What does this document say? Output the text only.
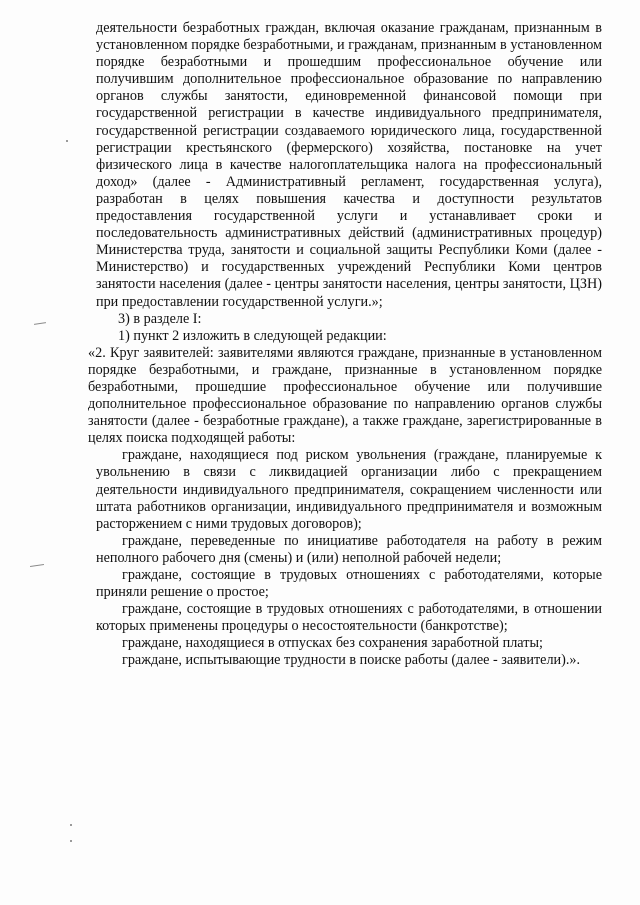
деятельности безработных граждан, включая оказание гражданам, признанным в установленном порядке безработными, и гражданам, признанным в установленном порядке безработными и прошедшим профессиональное обучение или получившим дополнительное профессиональное образование по направлению органов службы занятости, единовременной финансовой помощи при государственной регистрации в качестве индивидуального предпринимателя, государственной регистрации создаваемого юридического лица, государственной регистрации крестьянского (фермерского) хозяйства, постановке на учет физического лица в качестве налогоплательщика налога на профессиональный доход» (далее - Административный регламент, государственная услуга), разработан в целях повышения качества и доступности результатов предоставления государственной услуги и устанавливает сроки и последовательность административных действий (административных процедур) Министерства труда, занятости и социальной защиты Республики Коми (далее - Министерство) и государственных учреждений Республики Коми центров занятости населения (далее - центры занятости населения, центры занятости, ЦЗН) при предоставлении государственной услуги.»;

3) в разделе I:

1) пункт 2 изложить в следующей редакции:

«2. Круг заявителей: заявителями являются граждане, признанные в установленном порядке безработными, и граждане, признанные в установленном порядке безработными, прошедшие профессиональное обучение или получившие дополнительное профессиональное образование по направлению органов службы занятости (далее - безработные граждане), а также граждане, зарегистрированные в целях поиска подходящей работы:

граждане, находящиеся под риском увольнения (граждане, планируемые к увольнению в связи с ликвидацией организации либо с прекращением деятельности индивидуального предпринимателя, сокращением численности или штата работников организации, индивидуального предпринимателя и возможным расторжением с ними трудовых договоров);

граждане, переведенные по инициативе работодателя на работу в режим неполного рабочего дня (смены) и (или) неполной рабочей недели;

граждане, состоящие в трудовых отношениях с работодателями, которые приняли решение о простое;

граждане, состоящие в трудовых отношениях с работодателями, в отношении которых применены процедуры о несостоятельности (банкротстве);

граждане, находящиеся в отпусках без сохранения заработной платы;

граждане, испытывающие трудности в поиске работы (далее - заявители).».
